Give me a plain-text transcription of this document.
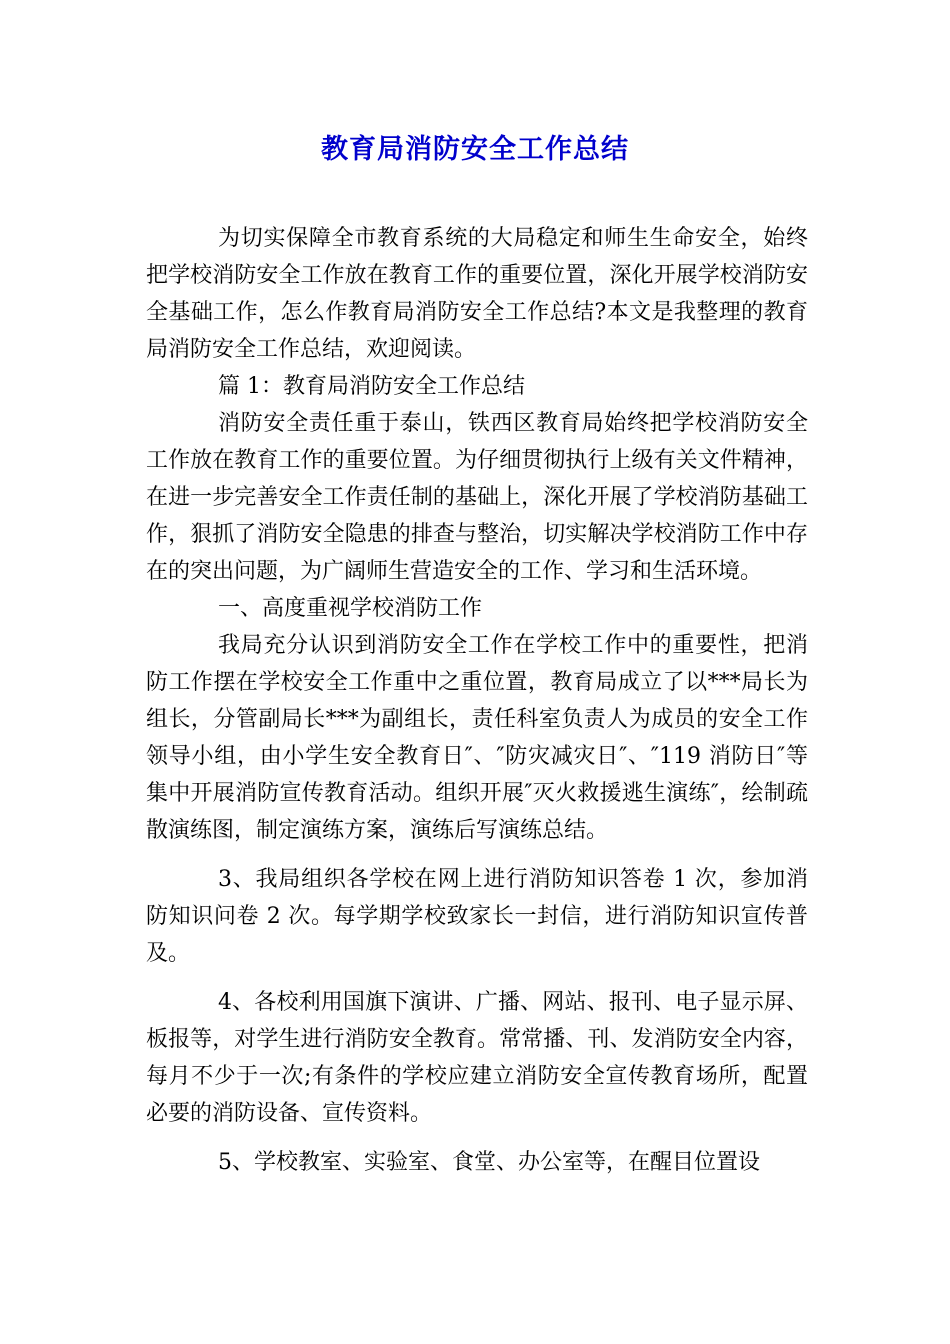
教育局消防安全工作总结

为切实保障全市教育系统的大局稳定和师生生命安全，始终把学校消防安全工作放在教育工作的重要位置，深化开展学校消防安全基础工作，怎么作教育局消防安全工作总结?本文是我整理的教育局消防安全工作总结，欢迎阅读。

篇 1：教育局消防安全工作总结

消防安全责任重于泰山，铁西区教育局始终把学校消防安全工作放在教育工作的重要位置。为仔细贯彻执行上级有关文件精神，在进一步完善安全工作责任制的基础上，深化开展了学校消防基础工作，狠抓了消防安全隐患的排查与整治，切实解决学校消防工作中存在的突出问题，为广阔师生营造安全的工作、学习和生活环境。

一、高度重视学校消防工作

我局充分认识到消防安全工作在学校工作中的重要性，把消防工作摆在学校安全工作重中之重位置，教育局成立了以***局长为组长，分管副局长***为副组长，责任科室负责人为成员的安全工作领导小组，由小学生安全教育日″、″防灾减灾日″、″119 消防日″等集中开展消防宣传教育活动。组织开展″灭火救援逃生演练″，绘制疏散演练图，制定演练方案，演练后写演练总结。

3、我局组织各学校在网上进行消防知识答卷 1 次，参加消防知识问卷 2 次。每学期学校致家长一封信，进行消防知识宣传普及。

4、各校利用国旗下演讲、广播、网站、报刊、电子显示屏、板报等，对学生进行消防安全教育。常常播、刊、发消防安全内容，每月不少于一次;有条件的学校应建立消防安全宣传教育场所，配置必要的消防设备、宣传资料。

5、学校教室、实验室、食堂、办公室等，在醒目位置设
